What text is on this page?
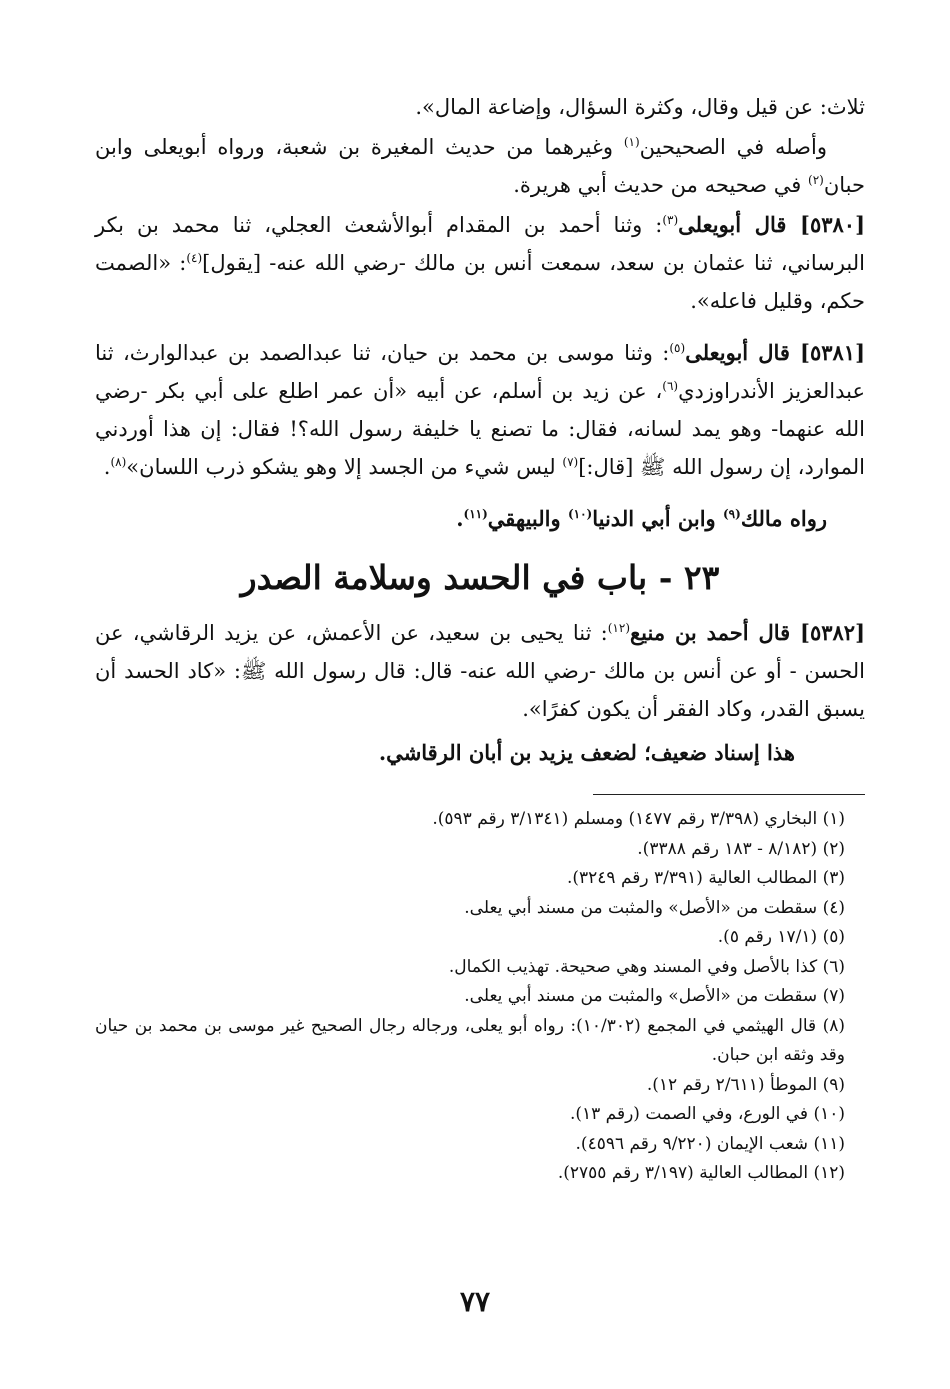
ثلاث: عن قيل وقال، وكثرة السؤال، وإضاعة المال».

وأصله في الصحيحين$^{(١)}$ وغيرهما من حديث المغيرة بن شعبة، ورواه أبويعلى وابن حبان$^{(٢)}$ في صحيحه من حديث أبي هريرة.

[٥٣٨٠] قال أبويعلى$^{(٣)}$: وثنا أحمد بن المقدام أبوالأشعث العجلي، ثنا محمد بن بكر البرساني، ثنا عثمان بن سعد، سمعت أنس بن مالك -رضي الله عنه- [يقول]$^{(٤)}$: «الصمت حكم، وقليل فاعله».

[٥٣٨١] قال أبويعلى$^{(٥)}$: وثنا موسى بن محمد بن حيان، ثنا عبدالصمد بن عبدالوارث، ثنا عبدالعزيز الأندراوزدي$^{(٦)}$، عن زيد بن أسلم، عن أبيه «أن عمر اطلع على أبي بكر -رضي الله عنهما- وهو يمد لسانه، فقال: ما تصنع يا خليفة رسول الله؟! فقال: إن هذا أوردني الموارد، إن رسول الله ﷺ [قال:]$^{(٧)}$ ليس شيء من الجسد إلا وهو يشكو ذرب اللسان»$^{(٨)}$.

رواه مالك$^{(٩)}$ وابن أبي الدنيا$^{(١٠)}$ والبيهقي$^{(١١)}$.

٢٣ - باب في الحسد وسلامة الصدر

[٥٣٨٢] قال أحمد بن منيع$^{(١٢)}$: ثنا يحيى بن سعيد، عن الأعمش، عن يزيد الرقاشي، عن الحسن - أو عن أنس بن مالك -رضي الله عنه- قال: قال رسول الله ﷺ: «كاد الحسد أن يسبق القدر، وكاد الفقر أن يكون كفرًا».

هذا إسناد ضعيف؛ لضعف يزيد بن أبان الرقاشي.

(١) البخاري (٣/٣٩٨ رقم ١٤٧٧) ومسلم (٣/١٣٤١ رقم ٥٩٣).

(٢) (٨/١٨٢ - ١٨٣ رقم ٣٣٨٨).

(٣) المطالب العالية (٣/٣٩١ رقم ٣٢٤٩).

(٤) سقطت من «الأصل» والمثبت من مسند أبي يعلى.

(٥) (١٧/١ رقم ٥).

(٦) كذا بالأصل وفي المسند وهي صحيحة. تهذيب الكمال.

(٧) سقطت من «الأصل» والمثبت من مسند أبي يعلى.

(٨) قال الهيثمي في المجمع (١٠/٣٠٢): رواه أبو يعلى، ورجاله رجال الصحيح غير موسى بن محمد بن حيان وقد وثقه ابن حبان.

(٩) الموطأ (٢/٦١١ رقم ١٢).

(١٠) في الورع، وفي الصمت (رقم ١٣).

(١١) شعب الإيمان (٩/٢٢٠ رقم ٤٥٩٦).

(١٢) المطالب العالية (٣/١٩٧ رقم ٢٧٥٥).

٧٧
